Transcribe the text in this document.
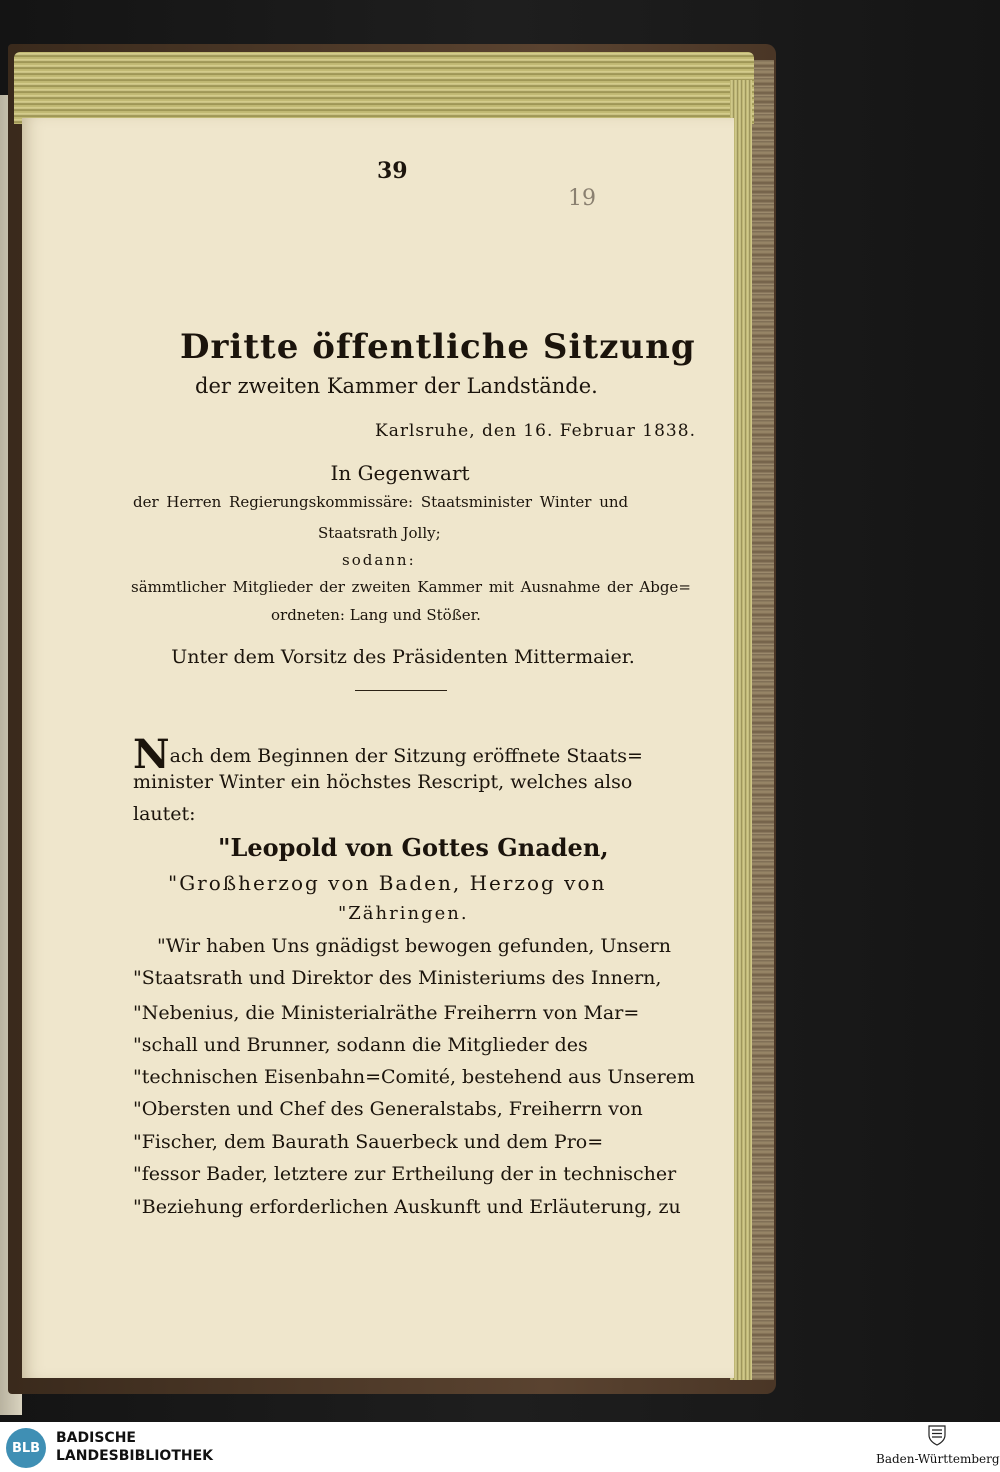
39
19
Dritte öffentliche Sitzung
der zweiten Kammer der Landstände.
Karlsruhe, den 16. Februar 1838.
In Gegenwart
der Herren Regierungskommissäre: Staatsminister Winter und
Staatsrath Jolly;
sodann:
sämmtlicher Mitglieder der zweiten Kammer mit Ausnahme der Abge=
ordneten: Lang und Stößer.
Unter dem Vorsitz des Präsidenten Mittermaier.
Nach dem Beginnen der Sitzung eröffnete Staats=
minister Winter ein höchstes Rescript, welches also
lautet:
"Leopold von Gottes Gnaden,
"Großherzog von Baden, Herzog von
"Zähringen.
"Wir haben Uns gnädigst bewogen gefunden, Unsern
"Staatsrath und Direktor des Ministeriums des Innern,
"Nebenius, die Ministerialräthe Freiherrn von Mar=
"schall und Brunner, sodann die Mitglieder des
"technischen Eisenbahn=Comité, bestehend aus Unserem
"Obersten und Chef des Generalstabs, Freiherrn von
"Fischer, dem Baurath Sauerbeck und dem Pro=
"fessor Bader, letztere zur Ertheilung der in technischer
"Beziehung erforderlichen Auskunft und Erläuterung, zu
BLB
BADISCHE
LANDESBIBLIOTHEK	Baden-Württemberg
